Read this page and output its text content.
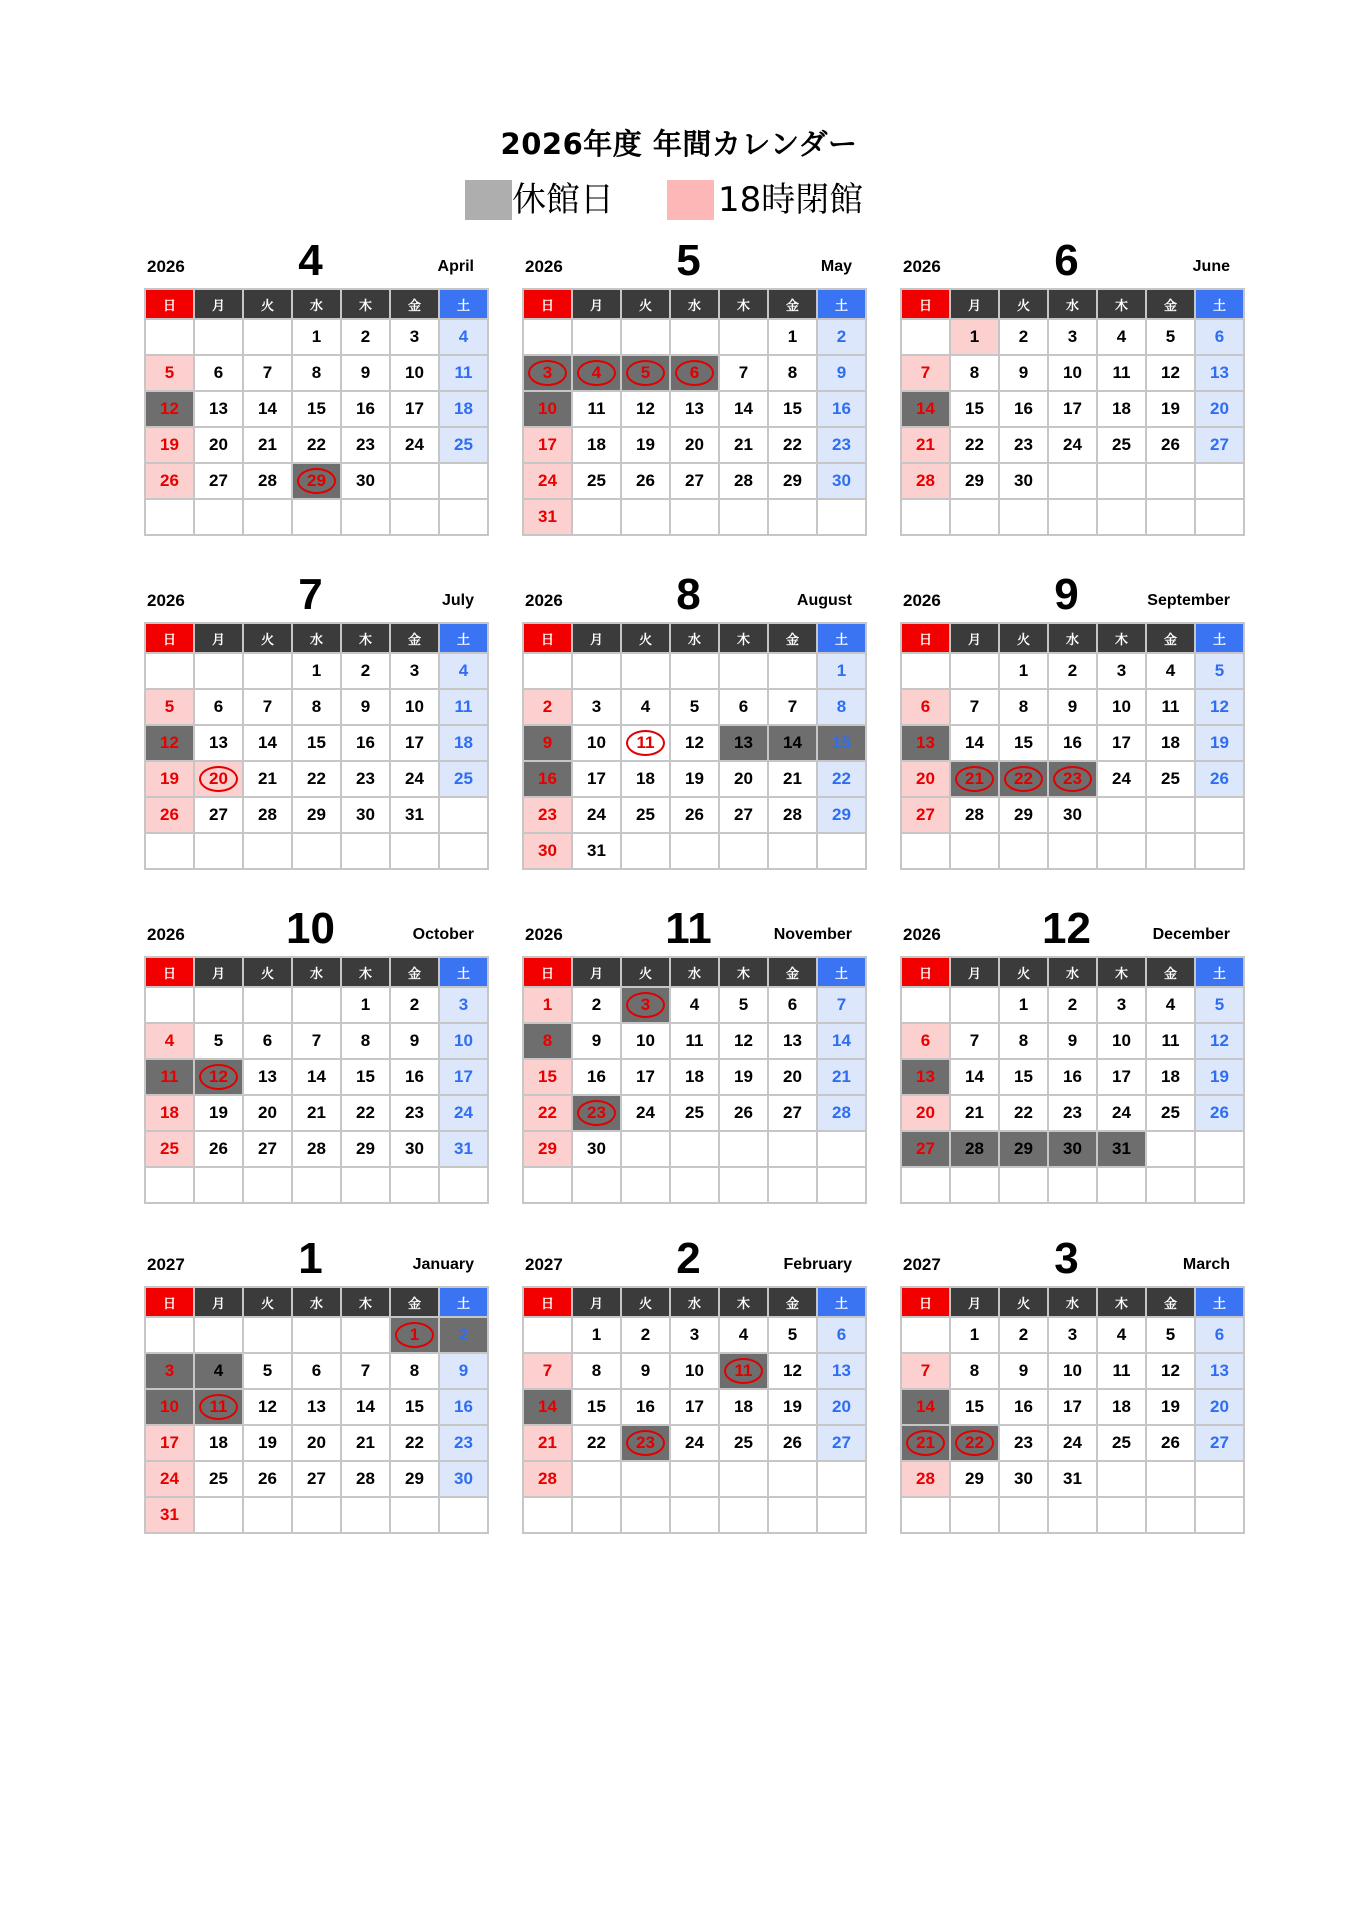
2026年度 年間カレンダー
休館日	18時閉館
2026	4	April
日	月	火	水	木	金	土
			1	2	3	4
5	6	7	8	9	10	11
12	13	14	15	16	17	18
19	20	21	22	23	24	25
26	27	28	29	30		

2026	5	May
日	月	火	水	木	金	土
					1	2
3	4	5	6	7	8	9
10	11	12	13	14	15	16
17	18	19	20	21	22	23
24	25	26	27	28	29	30
31						
2026	6	June
日	月	火	水	木	金	土
	1	2	3	4	5	6
7	8	9	10	11	12	13
14	15	16	17	18	19	20
21	22	23	24	25	26	27
28	29	30				

2026	7	July
日	月	火	水	木	金	土
			1	2	3	4
5	6	7	8	9	10	11
12	13	14	15	16	17	18
19	20	21	22	23	24	25
26	27	28	29	30	31	

2026	8	August
日	月	火	水	木	金	土
						1
2	3	4	5	6	7	8
9	10	11	12	13	14	15
16	17	18	19	20	21	22
23	24	25	26	27	28	29
30	31					
2026	9	September
日	月	火	水	木	金	土
		1	2	3	4	5
6	7	8	9	10	11	12
13	14	15	16	17	18	19
20	21	22	23	24	25	26
27	28	29	30			

2026	10	October
日	月	火	水	木	金	土
				1	2	3
4	5	6	7	8	9	10
11	12	13	14	15	16	17
18	19	20	21	22	23	24
25	26	27	28	29	30	31

2026	11	November
日	月	火	水	木	金	土
1	2	3	4	5	6	7
8	9	10	11	12	13	14
15	16	17	18	19	20	21
22	23	24	25	26	27	28
29	30					

2026	12	December
日	月	火	水	木	金	土
		1	2	3	4	5
6	7	8	9	10	11	12
13	14	15	16	17	18	19
20	21	22	23	24	25	26
27	28	29	30	31		

2027	1	January
日	月	火	水	木	金	土
					1	2
3	4	5	6	7	8	9
10	11	12	13	14	15	16
17	18	19	20	21	22	23
24	25	26	27	28	29	30
31						
2027	2	February
日	月	火	水	木	金	土
	1	2	3	4	5	6
7	8	9	10	11	12	13
14	15	16	17	18	19	20
21	22	23	24	25	26	27
28						

2027	3	March
日	月	火	水	木	金	土
	1	2	3	4	5	6
7	8	9	10	11	12	13
14	15	16	17	18	19	20
21	22	23	24	25	26	27
28	29	30	31			
